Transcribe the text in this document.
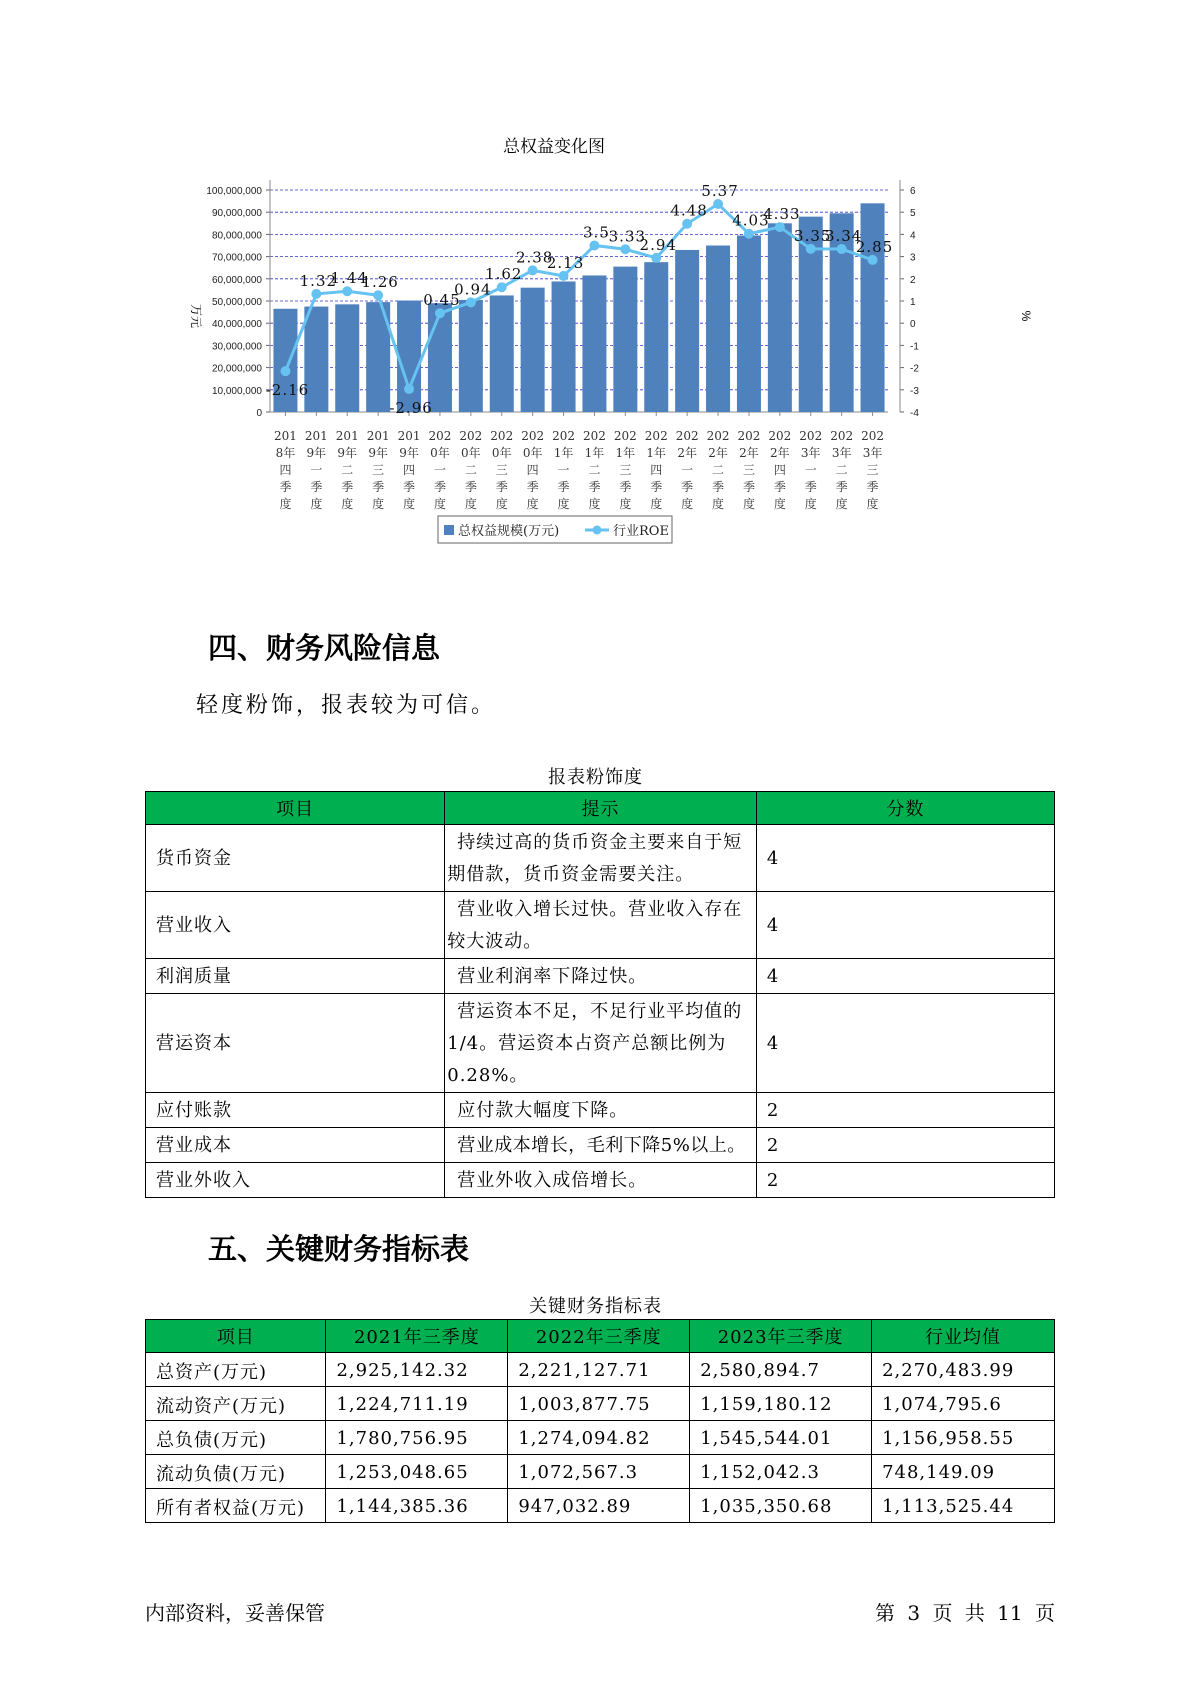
总权益变化图
0
10,000,000
20,000,000
30,000,000
40,000,000
50,000,000
60,000,000
70,000,000
80,000,000
90,000,000
100,000,000
-4
-3
-2
-1
0
1
2
3
4
5
6
万元	%
-2.16
1.32
1.44
1.26
-2.96
0.45
0.94
1.62
2.38
2.13
3.5
3.33
2.94
4.48
5.37
4.03
4.33
3.35
3.34
2.85
201
8年
四
季
度
201
9年
一
季
度
201
9年
二
季
度
201
9年
三
季
度
201
9年
四
季
度
202
0年
一
季
度
202
0年
二
季
度
202
0年
三
季
度
202
0年
四
季
度
202
1年
一
季
度
202
1年
二
季
度
202
1年
三
季
度
202
1年
四
季
度
202
2年
一
季
度
202
2年
二
季
度
202
2年
三
季
度
202
2年
四
季
度
202
3年
一
季
度
202
3年
二
季
度
202
3年
三
季
度
总权益规模(万元)	行业ROE
四、财务风险信息

轻度粉饰，报表较为可信。

报表粉饰度
项目	提示	分数
货币资金	持续过高的货币资金主要来自于短期借款，货币资金需要关注。	4
营业收入	营业收入增长过快。营业收入存在较大波动。	4
利润质量	营业利润率下降过快。	4
营运资本	营运资本不足，不足行业平均值的1/4。营运资本占资产总额比例为0.28%。	4
应付账款	应付款大幅度下降。	2
营业成本	营业成本增长，毛利下降5%以上。	2
营业外收入	营业外收入成倍增长。	2
五、关键财务指标表
关键财务指标表
项目	2021年三季度	2022年三季度	2023年三季度	行业均值
总资产(万元)	2,925,142.32	2,221,127.71	2,580,894.7	2,270,483.99
流动资产(万元)	1,224,711.19	1,003,877.75	1,159,180.12	1,074,795.6
总负债(万元)	1,780,756.95	1,274,094.82	1,545,544.01	1,156,958.55
流动负债(万元)	1,253,048.65	1,072,567.3	1,152,042.3	748,149.09
所有者权益(万元)	1,144,385.36	947,032.89	1,035,350.68	1,113,525.44
内部资料，妥善保管	第 3 页 共 11 页
